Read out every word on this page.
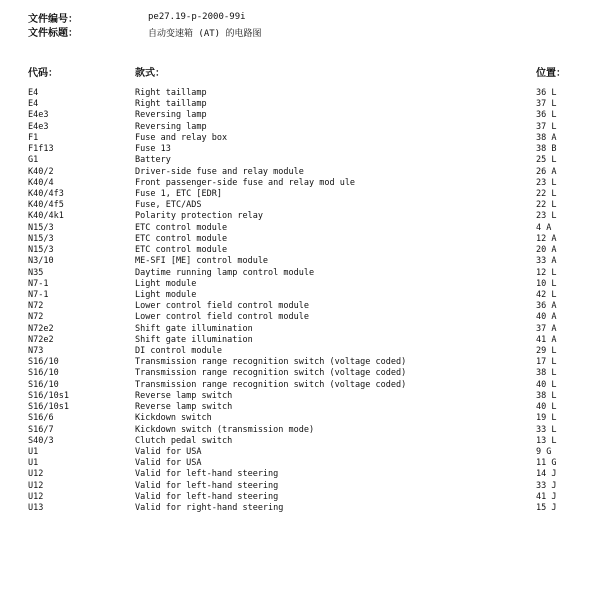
文件编号：	pe27.19-p-2000-99i
文件标题：	自动变速箱 (AT) 的电路图
代码：	款式：	位置：
E4	Right taillamp	36 L
E4	Right taillamp	37 L
E4e3	Reversing lamp	36 L
E4e3	Reversing lamp	37 L
F1	Fuse and relay box	38 A
F1f13	Fuse 13	38 B
G1	Battery	25 L
K40/2	Driver-side fuse and relay module	26 A
K40/4	Front passenger-side fuse and relay mod ule	23 L
K40/4f3	Fuse 1, ETC [EDR]	22 L
K40/4f5	Fuse, ETC/ADS	22 L
K40/4k1	Polarity protection relay	23 L
N15/3	ETC control module	4 A
N15/3	ETC control module	12 A
N15/3	ETC control module	20 A
N3/10	ME-SFI [ME] control module	33 A
N35	Daytime running lamp control module	12 L
N7-1	Light module	10 L
N7-1	Light module	42 L
N72	Lower control field control module	36 A
N72	Lower control field control module	40 A
N72e2	Shift gate illumination	37 A
N72e2	Shift gate illumination	41 A
N73	DI control module	29 L
S16/10	Transmission range recognition switch (voltage coded)	17 L
S16/10	Transmission range recognition switch (voltage coded)	38 L
S16/10	Transmission range recognition switch (voltage coded)	40 L
S16/10s1	Reverse lamp switch	38 L
S16/10s1	Reverse lamp switch	40 L
S16/6	Kickdown switch	19 L
S16/7	Kickdown switch (transmission mode)	33 L
S40/3	Clutch pedal switch	13 L
U1	Valid for USA	9 G
U1	Valid for USA	11 G
U12	Valid for left-hand steering	14 J
U12	Valid for left-hand steering	33 J
U12	Valid for left-hand steering	41 J
U13	Valid for right-hand steering	15 J
